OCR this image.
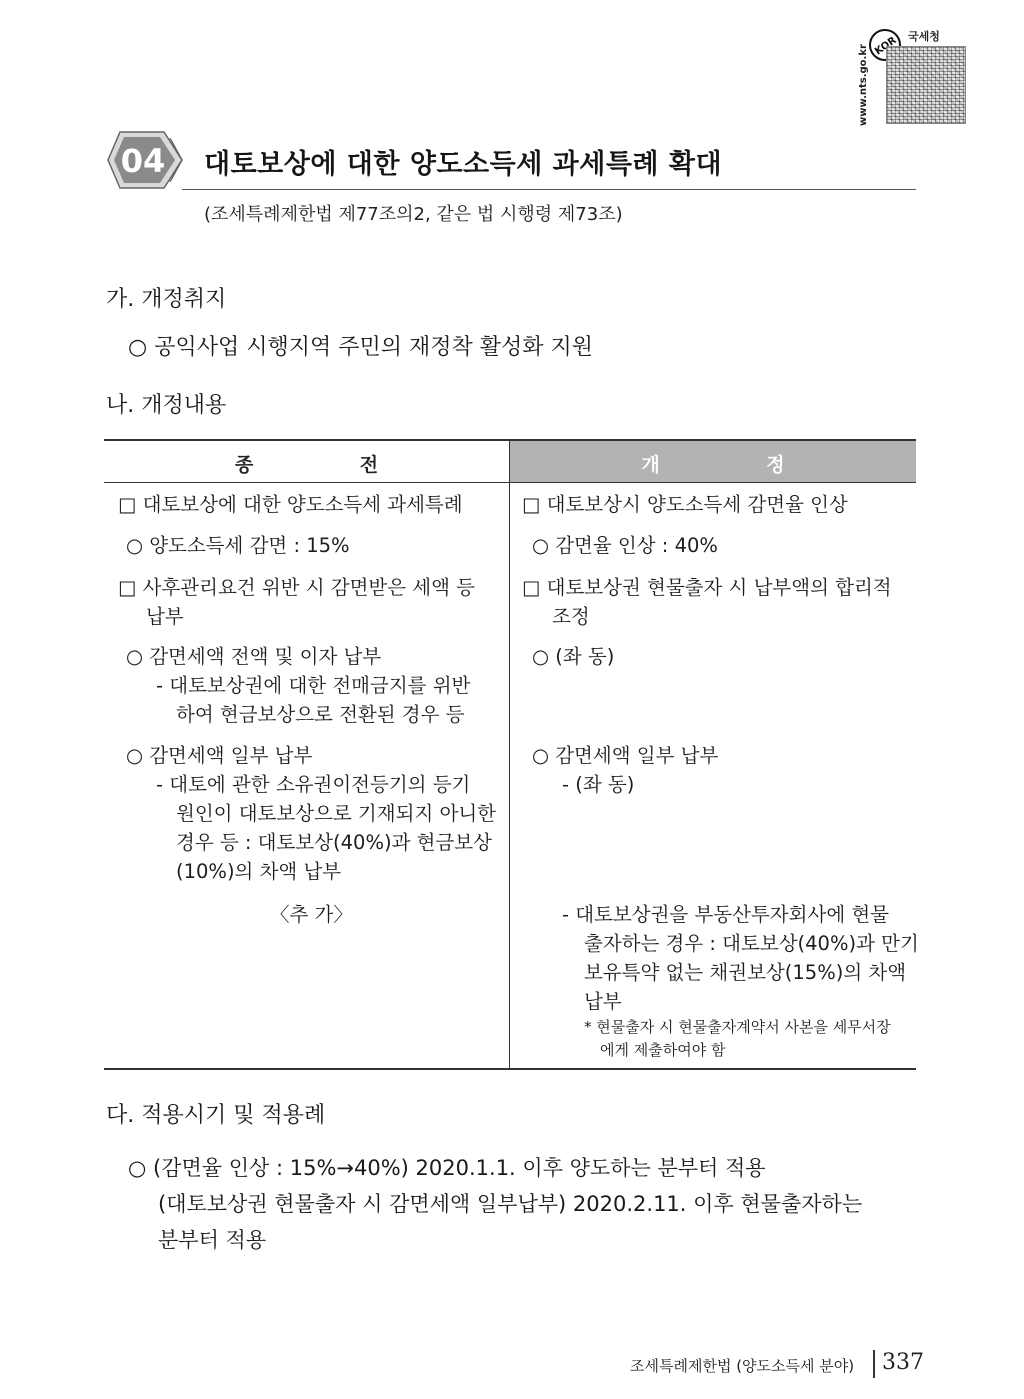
www.nts.go.kr
국세청
04 대토보상에 대한 양도소득세 과세특례 확대
(조세특례제한법 제77조의2, 같은 법 시행령 제73조)
가. 개정취지
○ 공익사업 시행지역 주민의 재정착 활성화 지원
나. 개정내용
종 전	개 정
□ 대토보상에 대한 양도소득세 과세특례
○ 양도소득세 감면 : 15%
□ 사후관리요건 위반 시 감면받은 세액 등
납부
○ 감면세액 전액 및 이자 납부
- 대토보상권에 대한 전매금지를 위반
하여 현금보상으로 전환된 경우 등
○ 감면세액 일부 납부
- 대토에 관한 소유권이전등기의 등기
원인이 대토보상으로 기재되지 아니한
경우 등 : 대토보상(40%)과 현금보상
(10%)의 차액 납부
〈추 가〉
□ 대토보상시 양도소득세 감면율 인상
○ 감면율 인상 : 40%
□ 대토보상권 현물출자 시 납부액의 합리적
조정
○ (좌 동)
○ 감면세액 일부 납부
- (좌 동)
- 대토보상권을 부동산투자회사에 현물
출자하는 경우 : 대토보상(40%)과 만기
보유특약 없는 채권보상(15%)의 차액
납부
* 현물출자 시 현물출자계약서 사본을 세무서장
에게 제출하여야 함
다. 적용시기 및 적용례
○ (감면율 인상 : 15%→40%) 2020.1.1. 이후 양도하는 분부터 적용
(대토보상권 현물출자 시 감면세액 일부납부) 2020.2.11. 이후 현물출자하는
분부터 적용
조세특례제한법 (양도소득세 분야) 337
